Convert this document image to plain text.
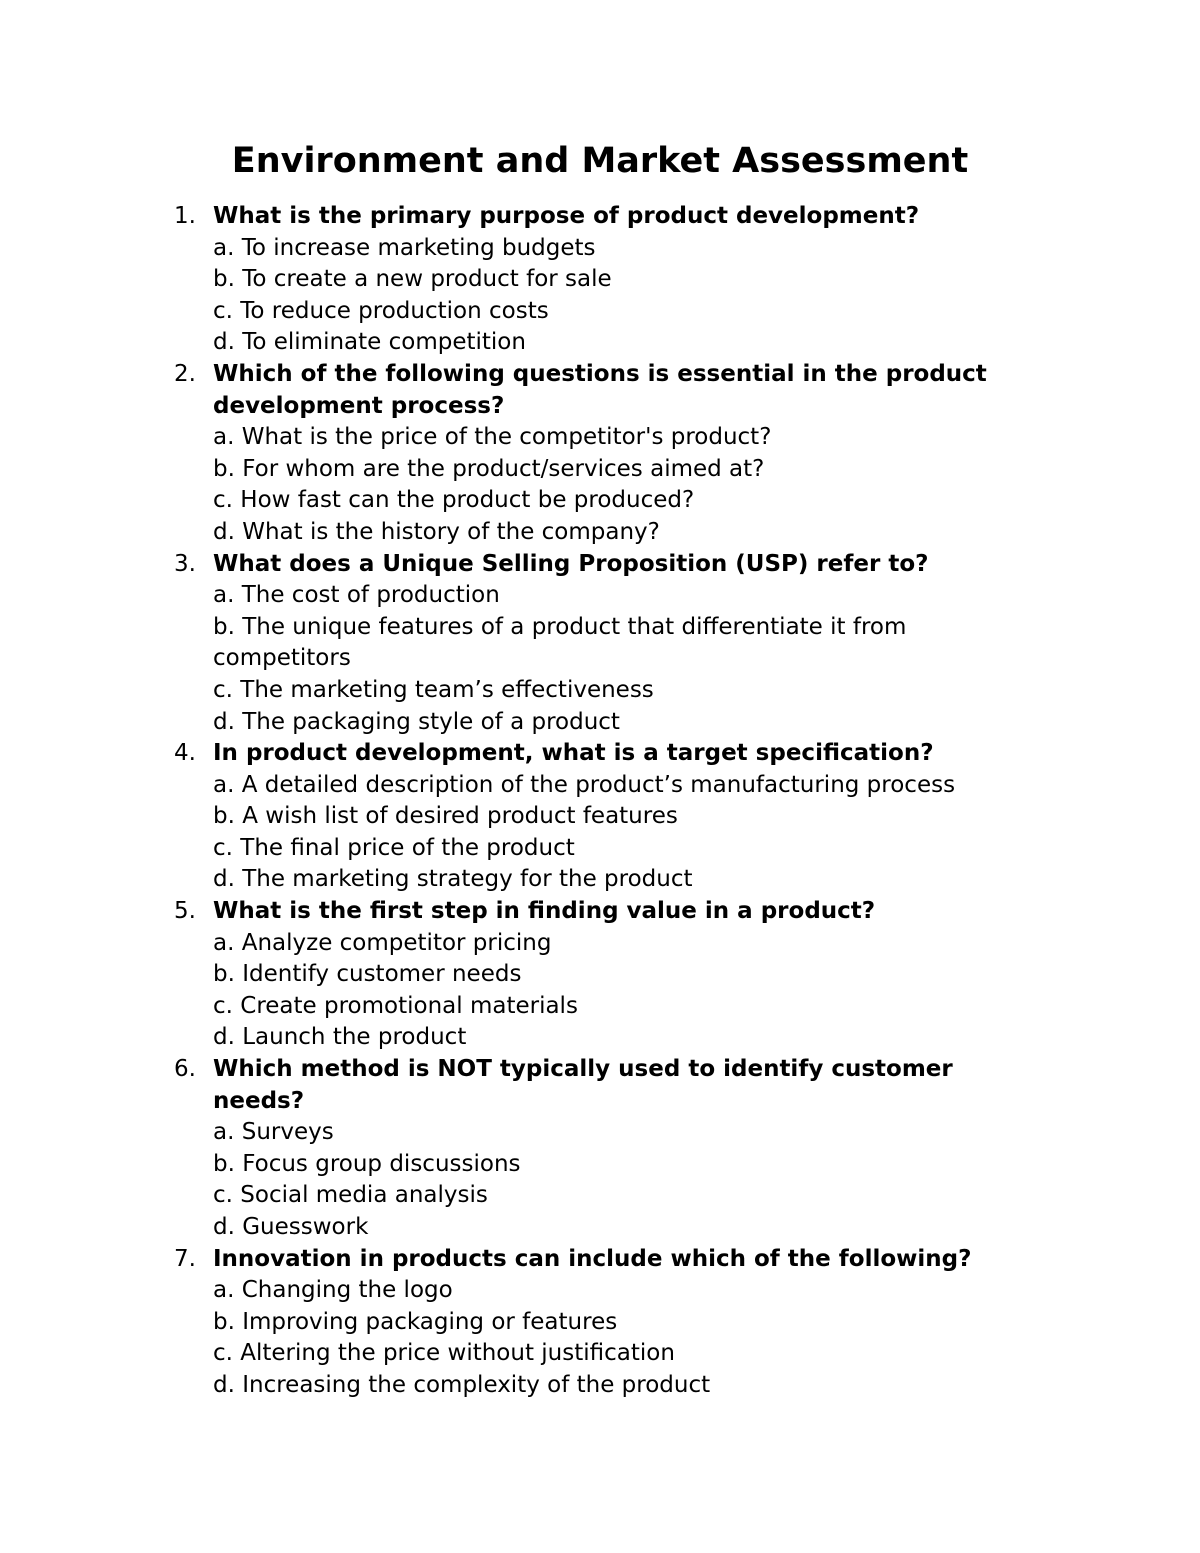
Environment and Market Assessment
1. What is the primary purpose of product development?
a. To increase marketing budgets
b. To create a new product for sale
c. To reduce production costs
d. To eliminate competition
2. Which of the following questions is essential in the product development process?
a. What is the price of the competitor's product?
b. For whom are the product/services aimed at?
c. How fast can the product be produced?
d. What is the history of the company?
3. What does a Unique Selling Proposition (USP) refer to?
a. The cost of production
b. The unique features of a product that differentiate it from competitors
c. The marketing team’s effectiveness
d. The packaging style of a product
4. In product development, what is a target specification?
a. A detailed description of the product’s manufacturing process
b. A wish list of desired product features
c. The final price of the product
d. The marketing strategy for the product
5. What is the first step in finding value in a product?
a. Analyze competitor pricing
b. Identify customer needs
c. Create promotional materials
d. Launch the product
6. Which method is NOT typically used to identify customer needs?
a. Surveys
b. Focus group discussions
c. Social media analysis
d. Guesswork
7. Innovation in products can include which of the following?
a. Changing the logo
b. Improving packaging or features
c. Altering the price without justification
d. Increasing the complexity of the product
